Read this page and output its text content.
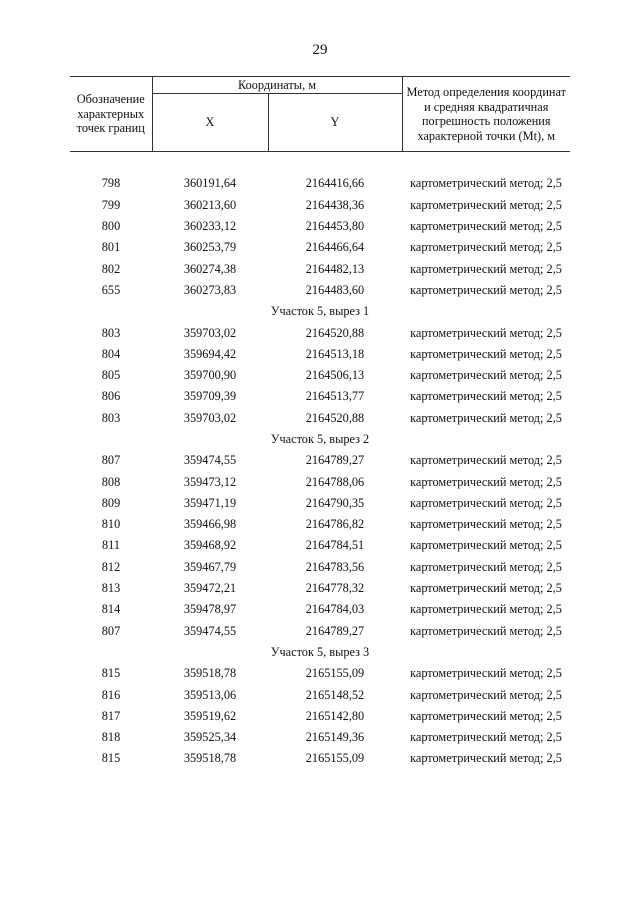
29
Обозначение характерных точек границ	Координаты, м		Метод определения координат и средняя квадратичная погрешность положения характерной точки (Mt), м
	X	Y	

798	360191,64	2164416,66	картометрический метод; 2,5
799	360213,60	2164438,36	картометрический метод; 2,5
800	360233,12	2164453,80	картометрический метод; 2,5
801	360253,79	2164466,64	картометрический метод; 2,5
802	360274,38	2164482,13	картометрический метод; 2,5
655	360273,83	2164483,60	картометрический метод; 2,5
Участок 5, вырез 1			
803	359703,02	2164520,88	картометрический метод; 2,5
804	359694,42	2164513,18	картометрический метод; 2,5
805	359700,90	2164506,13	картометрический метод; 2,5
806	359709,39	2164513,77	картометрический метод; 2,5
803	359703,02	2164520,88	картометрический метод; 2,5
Участок 5, вырез 2			
807	359474,55	2164789,27	картометрический метод; 2,5
808	359473,12	2164788,06	картометрический метод; 2,5
809	359471,19	2164790,35	картометрический метод; 2,5
810	359466,98	2164786,82	картометрический метод; 2,5
811	359468,92	2164784,51	картометрический метод; 2,5
812	359467,79	2164783,56	картометрический метод; 2,5
813	359472,21	2164778,32	картометрический метод; 2,5
814	359478,97	2164784,03	картометрический метод; 2,5
807	359474,55	2164789,27	картометрический метод; 2,5
Участок 5, вырез 3			
815	359518,78	2165155,09	картометрический метод; 2,5
816	359513,06	2165148,52	картометрический метод; 2,5
817	359519,62	2165142,80	картометрический метод; 2,5
818	359525,34	2165149,36	картометрический метод; 2,5
815	359518,78	2165155,09	картометрический метод; 2,5
